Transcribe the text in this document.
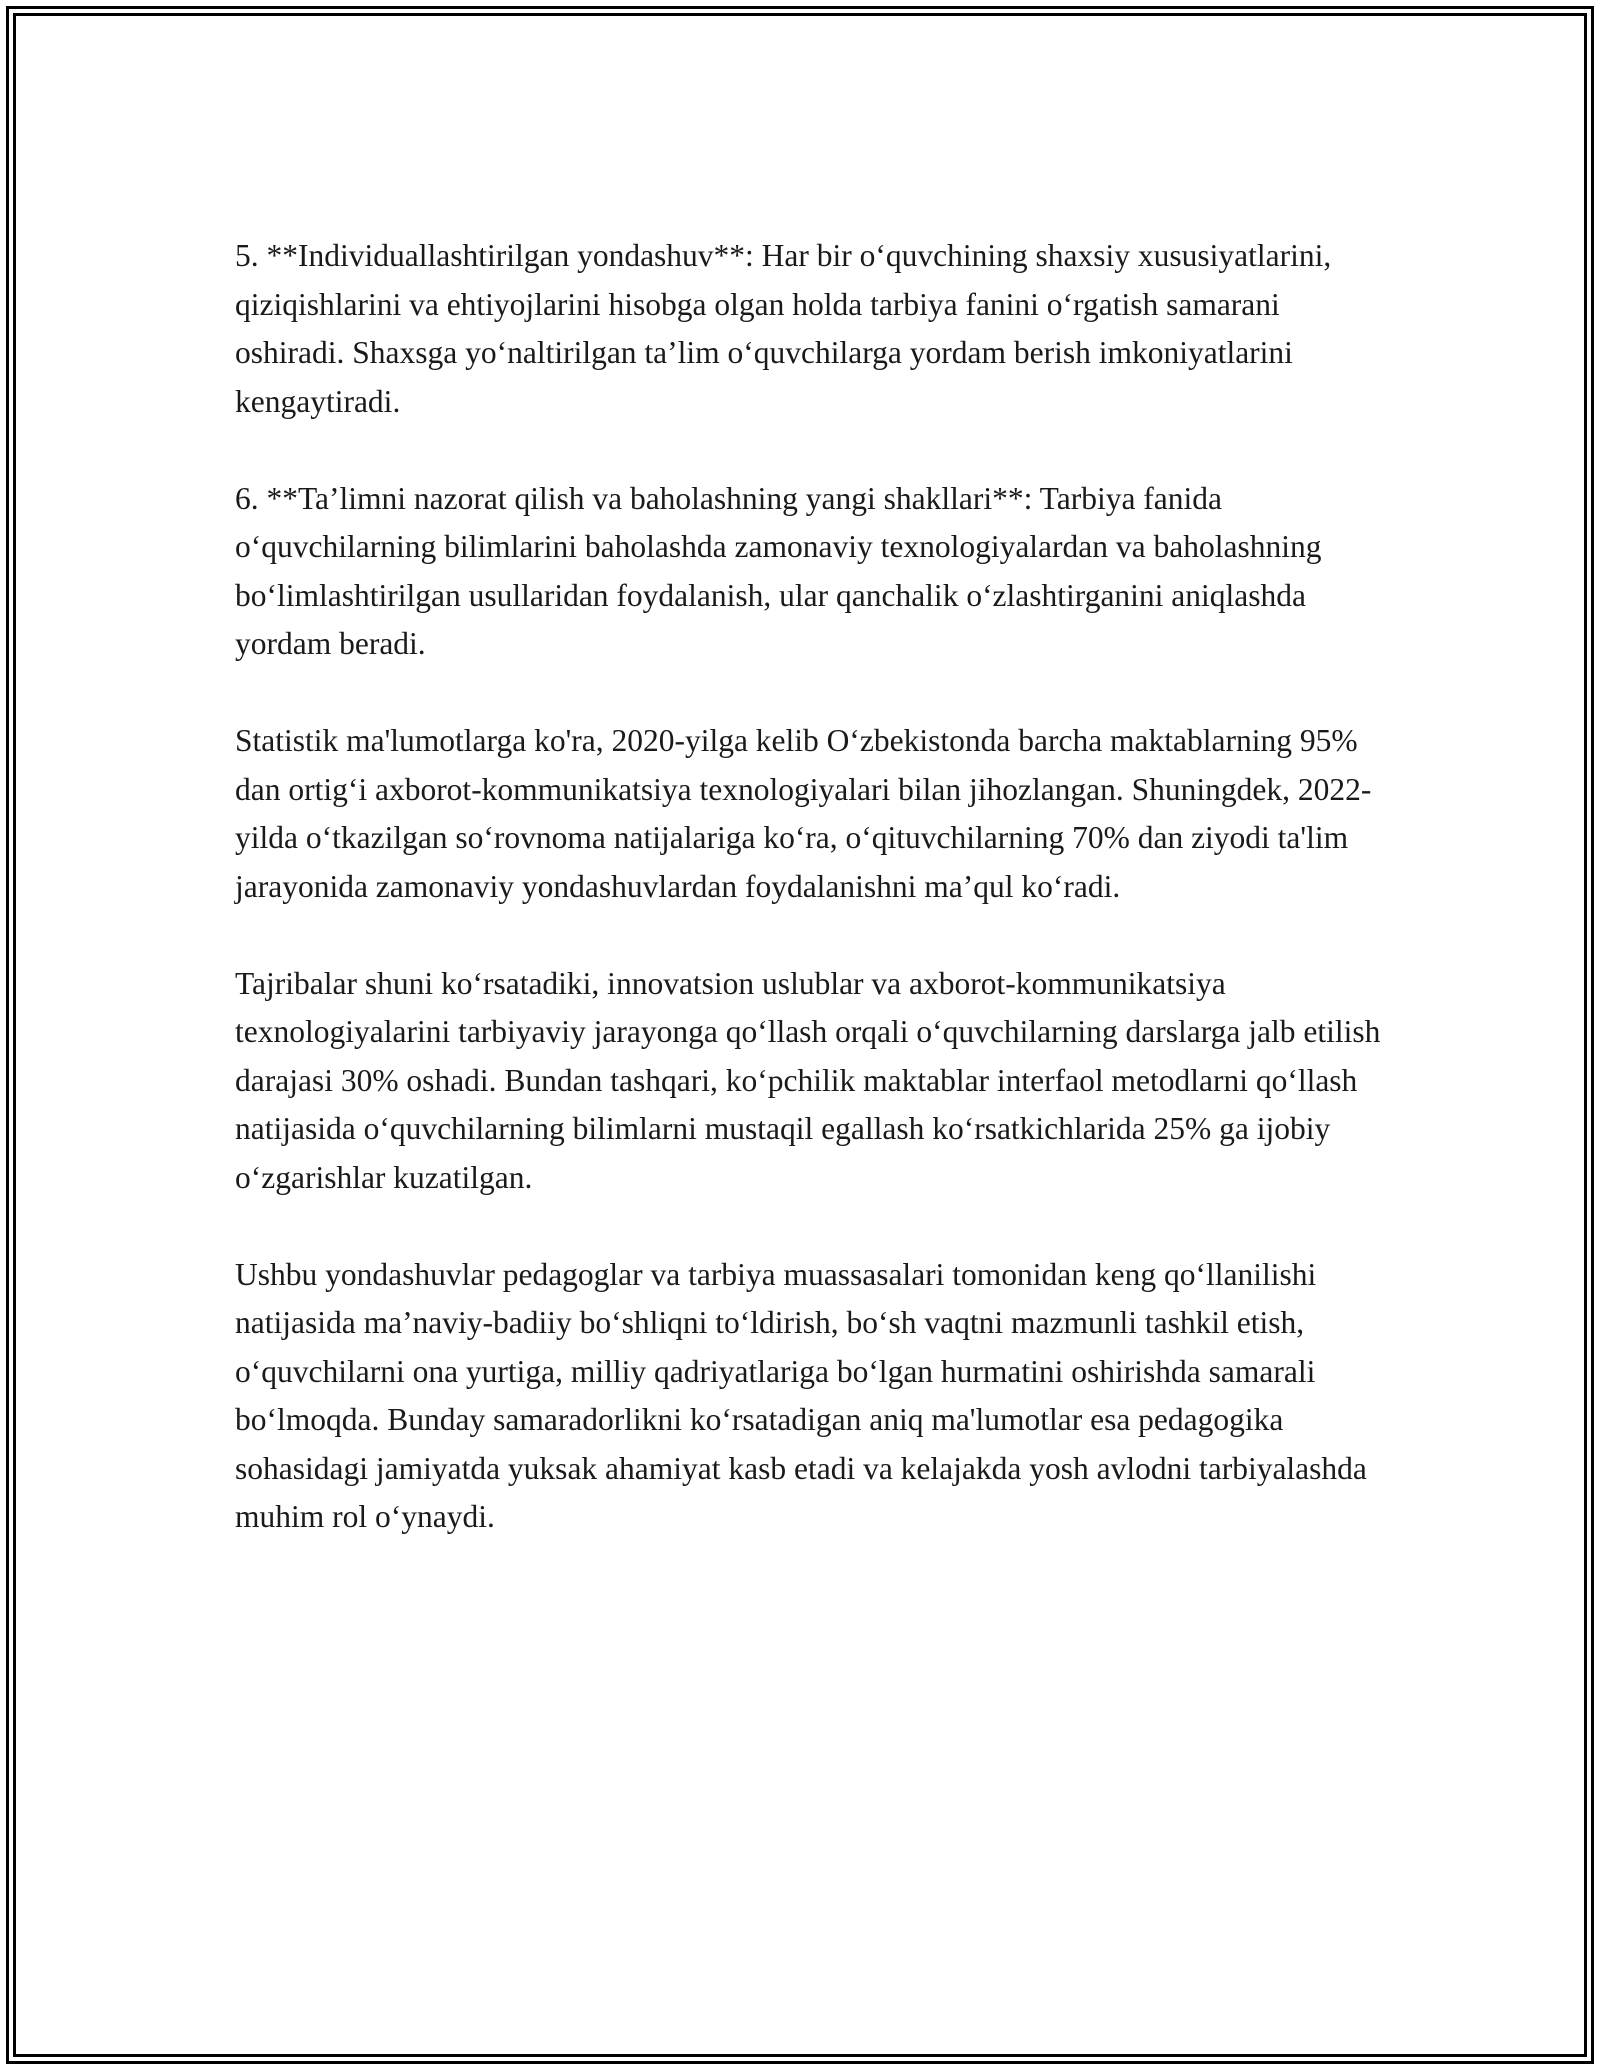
5. **Individuallashtirilgan yondashuv**: Har bir o‘quvchining shaxsiy xususiyatlarini, qiziqishlarini va ehtiyojlarini hisobga olgan holda tarbiya fanini o‘rgatish samarani oshiradi. Shaxsga yo‘naltirilgan ta’lim o‘quvchilarga yordam berish imkoniyatlarini kengaytiradi.

6. **Ta’limni nazorat qilish va baholashning yangi shakllari**: Tarbiya fanida o‘quvchilarning bilimlarini baholashda zamonaviy texnologiyalardan va baholashning bo‘limlashtirilgan usullaridan foydalanish, ular qanchalik o‘zlashtirganini aniqlashda yordam beradi.

Statistik ma'lumotlarga ko'ra, 2020-yilga kelib O‘zbekistonda barcha maktablarning 95% dan ortig‘i axborot-kommunikatsiya texnologiyalari bilan jihozlangan. Shuningdek, 2022-yilda o‘tkazilgan so‘rovnoma natijalariga ko‘ra, o‘qituvchilarning 70% dan ziyodi ta'lim jarayonida zamonaviy yondashuvlardan foydalanishni ma’qul ko‘radi.

Tajribalar shuni ko‘rsatadiki, innovatsion uslublar va axborot-kommunikatsiya texnologiyalarini tarbiyaviy jarayonga qo‘llash orqali o‘quvchilarning darslarga jalb etilish darajasi 30% oshadi. Bundan tashqari, ko‘pchilik maktablar interfaol metodlarni qo‘llash natijasida o‘quvchilarning bilimlarni mustaqil egallash ko‘rsatkichlarida 25% ga ijobiy o‘zgarishlar kuzatilgan.

Ushbu yondashuvlar pedagoglar va tarbiya muassasalari tomonidan keng qo‘llanilishi natijasida ma’naviy-badiiy bo‘shliqni to‘ldirish, bo‘sh vaqtni mazmunli tashkil etish, o‘quvchilarni ona yurtiga, milliy qadriyatlariga bo‘lgan hurmatini oshirishda samarali bo‘lmoqda. Bunday samaradorlikni ko‘rsatadigan aniq ma'lumotlar esa pedagogika sohasidagi jamiyatda yuksak ahamiyat kasb etadi va kelajakda yosh avlodni tarbiyalashda muhim rol o‘ynaydi.
